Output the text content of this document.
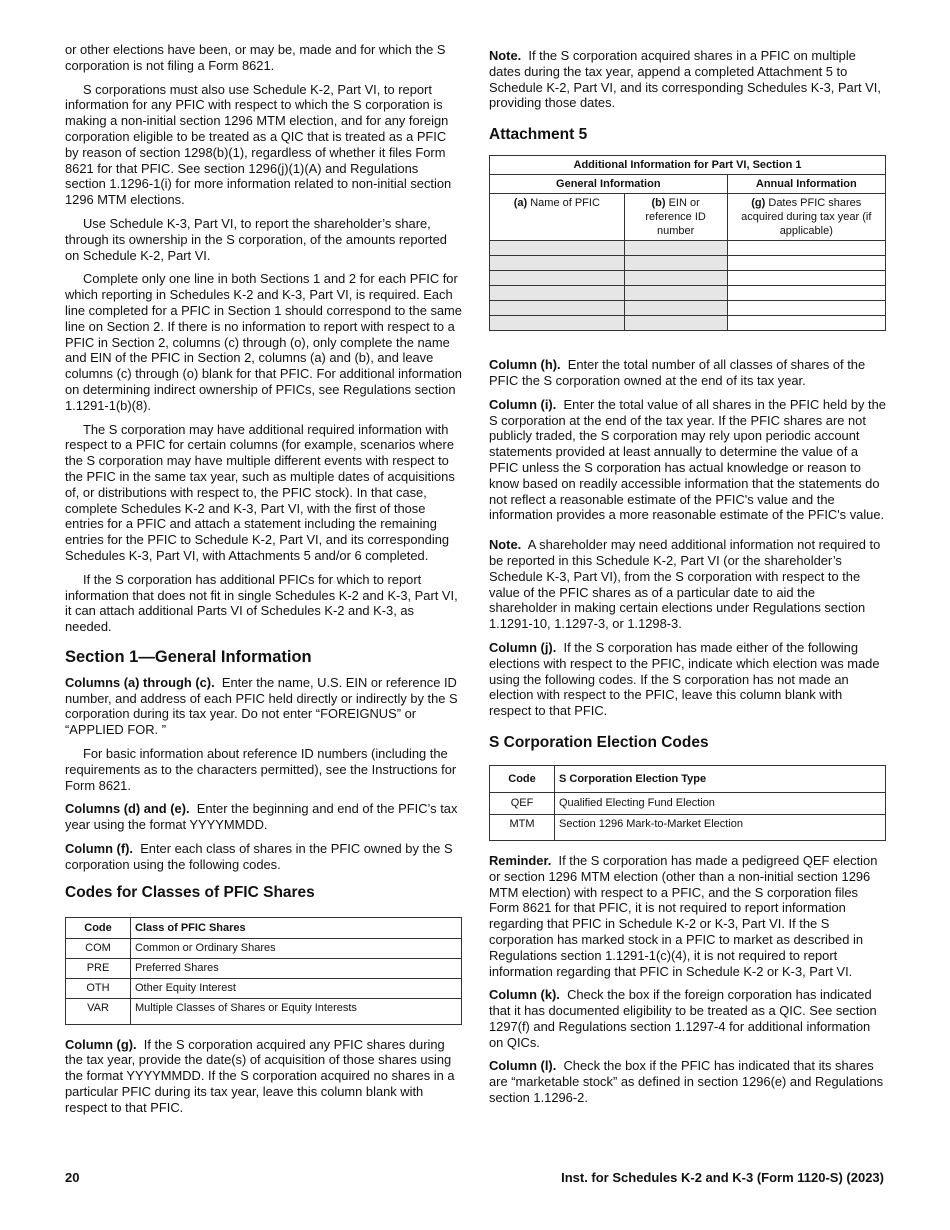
or other elections have been, or may be, made and for which the S corporation is not filing a Form 8621.

S corporations must also use Schedule K-2, Part VI, to report information for any PFIC with respect to which the S corporation is making a non-initial section 1296 MTM election, and for any foreign corporation eligible to be treated as a QIC that is treated as a PFIC by reason of section 1298(b)(1), regardless of whether it files Form 8621 for that PFIC. See section 1296(j)(1)(A) and Regulations section 1.1296-1(i) for more information related to non-initial section 1296 MTM elections.

Use Schedule K-3, Part VI, to report the shareholder’s share, through its ownership in the S corporation, of the amounts reported on Schedule K-2, Part VI.

Complete only one line in both Sections 1 and 2 for each PFIC for which reporting in Schedules K-2 and K-3, Part VI, is required. Each line completed for a PFIC in Section 1 should correspond to the same line on Section 2. If there is no information to report with respect to a PFIC in Section 2, columns (c) through (o), only complete the name and EIN of the PFIC in Section 2, columns (a) and (b), and leave columns (c) through (o) blank for that PFIC. For additional information on determining indirect ownership of PFICs, see Regulations section 1.1291-1(b)(8).

The S corporation may have additional required information with respect to a PFIC for certain columns (for example, scenarios where the S corporation may have multiple different events with respect to the PFIC in the same tax year, such as multiple dates of acquisitions of, or distributions with respect to, the PFIC stock). In that case, complete Schedules K-2 and K-3, Part VI, with the first of those entries for a PFIC and attach a statement including the remaining entries for the PFIC to Schedule K-2, Part VI, and its corresponding Schedules K-3, Part VI, with Attachments 5 and/or 6 completed.

If the S corporation has additional PFICs for which to report information that does not fit in single Schedules K-2 and K-3, Part VI, it can attach additional Parts VI of Schedules K-2 and K-3, as needed.

Section 1—General Information

Columns (a) through (c). Enter the name, U.S. EIN or reference ID number, and address of each PFIC held directly or indirectly by the S corporation during its tax year. Do not enter “FOREIGNUS” or “APPLIED FOR. ”

For basic information about reference ID numbers (including the requirements as to the characters permitted), see the Instructions for Form 8621.

Columns (d) and (e). Enter the beginning and end of the PFIC’s tax year using the format YYYYMMDD.

Column (f). Enter each class of shares in the PFIC owned by the S corporation using the following codes.

Codes for Classes of PFIC Shares
Code	Class of PFIC Shares
COM	Common or Ordinary Shares
PRE	Preferred Shares
OTH	Other Equity Interest
VAR	Multiple Classes of Shares or Equity Interests

Column (g). If the S corporation acquired any PFIC shares during the tax year, provide the date(s) of acquisition of those shares using the format YYYYMMDD. If the S corporation acquired no shares in a particular PFIC during its tax year, leave this column blank with respect to that PFIC.

Note. If the S corporation acquired shares in a PFIC on multiple dates during the tax year, append a completed Attachment 5 to Schedule K-2, Part VI, and its corresponding Schedules K-3, Part VI, providing those dates.

Attachment 5
Additional Information for Part VI, Section 1		
General Information		Annual Information
(a) Name of PFIC	(b) EIN or reference ID number	(g) Dates PFIC shares acquired during tax year (if applicable)

Column (h). Enter the total number of all classes of shares of the PFIC the S corporation owned at the end of its tax year.

Column (i). Enter the total value of all shares in the PFIC held by the S corporation at the end of the tax year. If the PFIC shares are not publicly traded, the S corporation may rely upon periodic account statements provided at least annually to determine the value of a PFIC unless the S corporation has actual knowledge or reason to know based on readily accessible information that the statements do not reflect a reasonable estimate of the PFIC's value and the information provides a more reasonable estimate of the PFIC's value.

Note. A shareholder may need additional information not required to be reported in this Schedule K-2, Part VI (or the shareholder’s Schedule K-3, Part VI), from the S corporation with respect to the value of the PFIC shares as of a particular date to aid the shareholder in making certain elections under Regulations section 1.1291-10, 1.1297-3, or 1.1298-3.

Column (j). If the S corporation has made either of the following elections with respect to the PFIC, indicate which election was made using the following codes. If the S corporation has not made an election with respect to the PFIC, leave this column blank with respect to that PFIC.

S Corporation Election Codes
Code	S Corporation Election Type
QEF	Qualified Electing Fund Election
MTM	Section 1296 Mark-to-Market Election

Reminder. If the S corporation has made a pedigreed QEF election or section 1296 MTM election (other than a non-initial section 1296 MTM election) with respect to a PFIC, and the S corporation files Form 8621 for that PFIC, it is not required to report information regarding that PFIC in Schedule K-2 or K-3, Part VI. If the S corporation has marked stock in a PFIC to market as described in Regulations section 1.1291-1(c)(4), it is not required to report information regarding that PFIC in Schedule K-2 or K-3, Part VI.

Column (k). Check the box if the foreign corporation has indicated that it has documented eligibility to be treated as a QIC. See section 1297(f) and Regulations section 1.1297-4 for additional information on QICs.

Column (l). Check the box if the PFIC has indicated that its shares are “marketable stock” as defined in section 1296(e) and Regulations section 1.1296-2.

20	Inst. for Schedules K-2 and K-3 (Form 1120-S) (2023)
